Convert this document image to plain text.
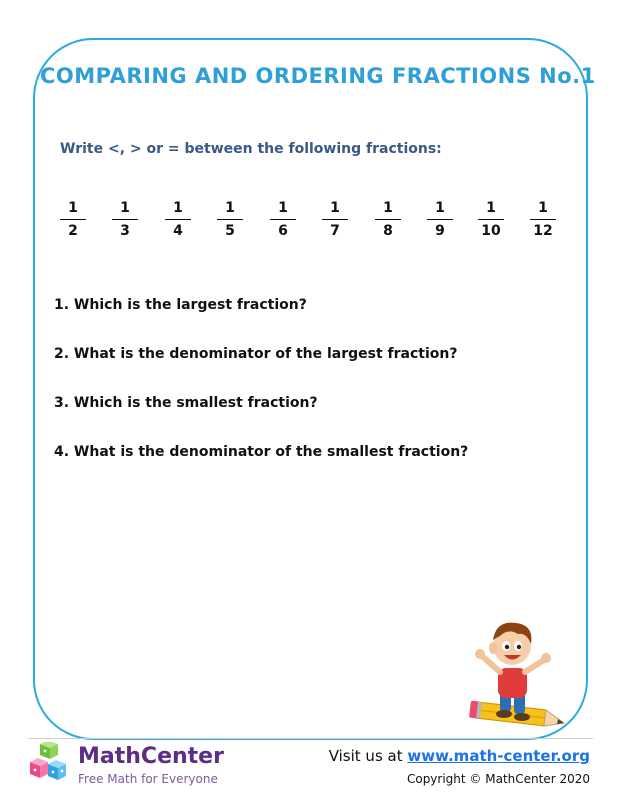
COMPARING AND ORDERING FRACTIONS No.1
Write <, > or = between the following fractions:
1
2
1
3
1
4
1
5
1
6
1
7
1
8
1
9
1
10
1
12
1. Which is the largest fraction?
2. What is the denominator of the largest fraction?
3. Which is the smallest fraction?
4. What is the denominator of the smallest fraction?
MathCenter
Free Math for Everyone
Visit us at www.math-center.org
Copyright © MathCenter 2020
